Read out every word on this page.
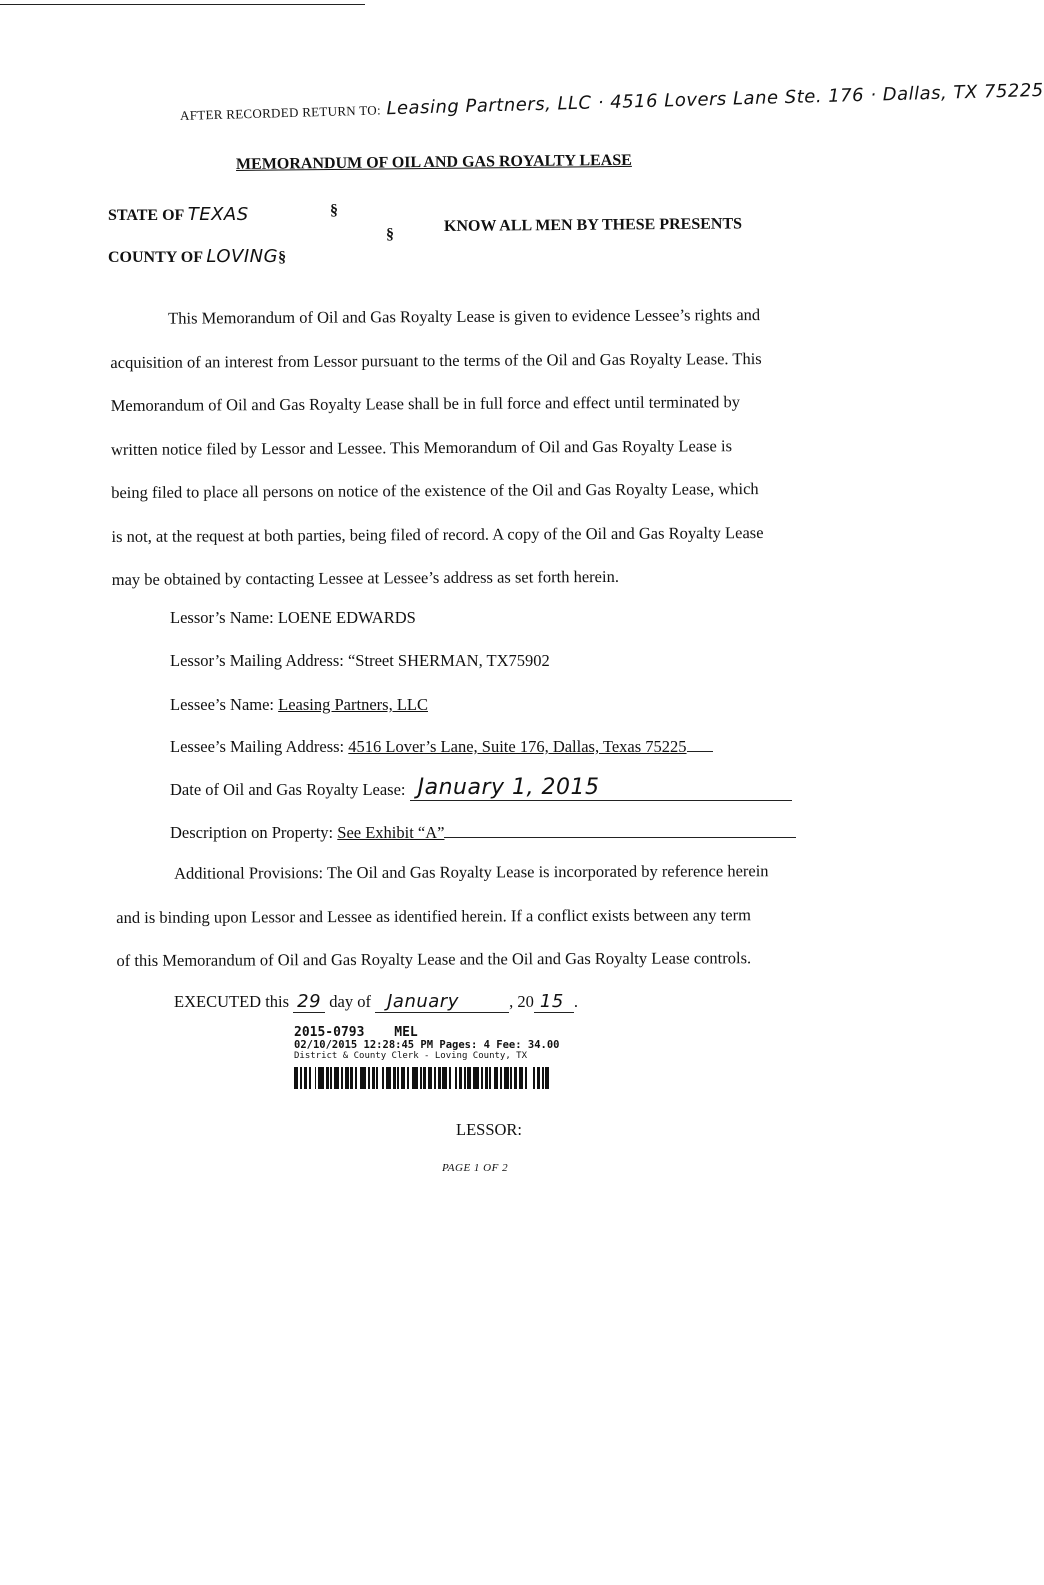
AFTER RECORDED RETURN TO: Leasing Partners, LLC · 4516 Lovers Lane Ste. 176 · Dallas, TX 75225
MEMORANDUM OF OIL AND GAS ROYALTY LEASE
STATE OF TEXAS	§
§	KNOW ALL MEN BY THESE PRESENTS
COUNTY OF LOVING§
This Memorandum of Oil and Gas Royalty Lease is given to evidence Lessee’s rights and
acquisition of an interest from Lessor pursuant to the terms of the Oil and Gas Royalty Lease. This
Memorandum of Oil and Gas Royalty Lease shall be in full force and effect until terminated by
written notice filed by Lessor and Lessee. This Memorandum of Oil and Gas Royalty Lease is
being filed to place all persons on notice of the existence of the Oil and Gas Royalty Lease, which
is not, at the request at both parties, being filed of record. A copy of the Oil and Gas Royalty Lease
may be obtained by contacting Lessee at Lessee’s address as set forth herein.
Lessor’s Name: LOENE EDWARDS
Lessor’s Mailing Address: “Street SHERMAN, TX75902
Lessee’s Name: Leasing Partners, LLC
Lessee’s Mailing Address: 4516 Lover’s Lane, Suite 176, Dallas, Texas 75225
Date of Oil and Gas Royalty Lease: January 1, 2015

Description on Property: See Exhibit “A”
Additional Provisions: The Oil and Gas Royalty Lease is incorporated by reference herein
and is binding upon Lessor and Lessee as identified herein. If a conflict exists between any term
of this Memorandum of Oil and Gas Royalty Lease and the Oil and Gas Royalty Lease controls.
EXECUTED this 29 day of January	, 20 15 .
2015-0793 MEL
02/10/2015 12:28:45 PM Pages: 4 Fee: 34.00
District & County Clerk - Loving County, TX
LESSOR:
PAGE 1 OF 2
